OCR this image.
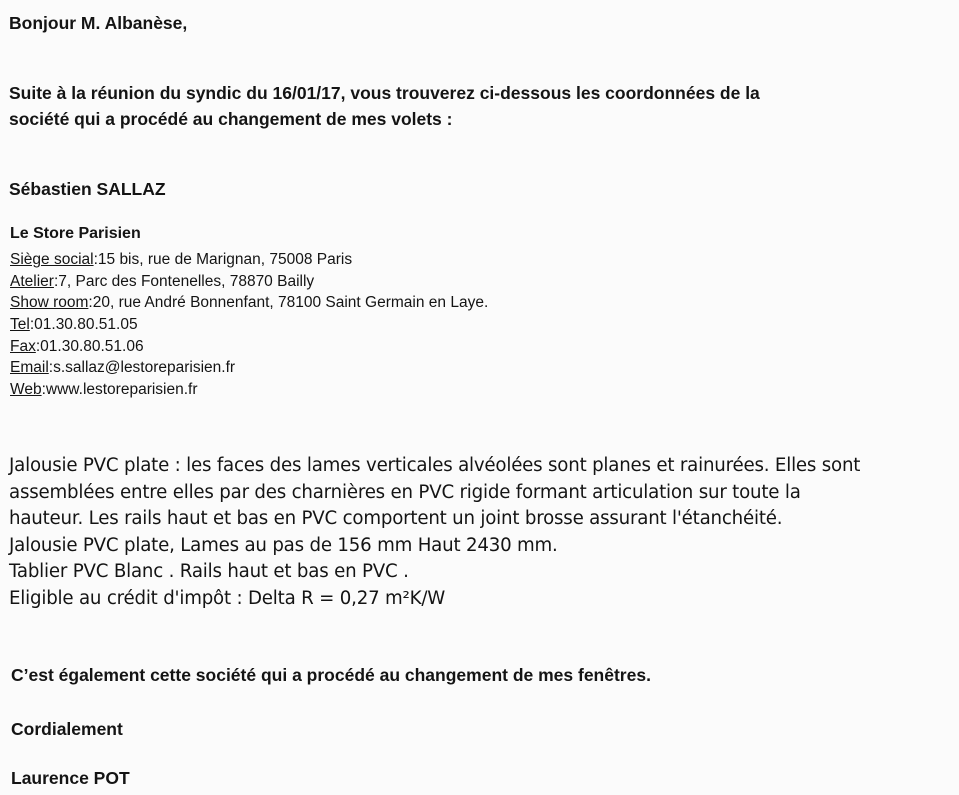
Bonjour M. Albanèse,
Suite à la réunion du syndic du 16/01/17, vous trouverez ci-dessous les coordonnées de la
société qui a procédé au changement de mes volets :
Sébastien SALLAZ
Le Store Parisien
Siège social:15 bis, rue de Marignan, 75008 Paris
Atelier:7, Parc des Fontenelles, 78870 Bailly
Show room:20, rue André Bonnenfant, 78100 Saint Germain en Laye.
Tel:01.30.80.51.05
Fax:01.30.80.51.06
Email:s.sallaz@lestoreparisien.fr
Web:www.lestoreparisien.fr
Jalousie PVC plate : les faces des lames verticales alvéolées sont planes et rainurées. Elles sont
assemblées entre elles par des charnières en PVC rigide formant articulation sur toute la
hauteur. Les rails haut et bas en PVC comportent un joint brosse assurant l'étanchéité.
Jalousie PVC plate, Lames au pas de 156 mm Haut 2430 mm.
Tablier PVC Blanc . Rails haut et bas en PVC .
Eligible au crédit d'impôt : Delta R = 0,27 m²K/W
C’est également cette société qui a procédé au changement de mes fenêtres.
Cordialement
Laurence POT
